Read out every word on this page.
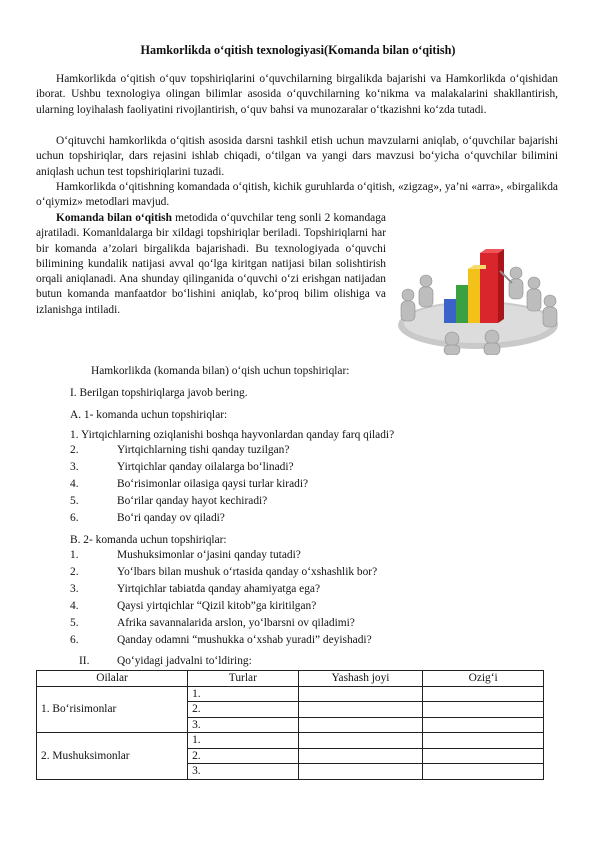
Hamkorlikda o‘qitish texnologiyasi(Komanda bilan o‘qitish)

Hamkorlikda o‘qitish o‘quv topshiriqlarini o‘quvchilarning birgalikda bajarishi va Hamkorlikda o‘qishidan iborat. Ushbu texnologiya olingan bilimlar asosida o‘quvchilarning ko‘nikma va malakalarini shakllantirish, ularning loyihalash faoliyatini rivojlantirish, o‘quv bahsi va munozaralar o‘tkazishni ko‘zda tutadi.

O‘qituvchi hamkorlikda o‘qitish asosida darsni tashkil etish uchun mavzularni aniqlab, o‘quvchilar bajarishi uchun topshiriqlar, dars rejasini ishlab chiqadi, o‘tilgan va yangi dars mavzusi bo‘yicha o‘quvchilar bilimini aniqlash uchun test topshiriqlarini tuzadi.

Hamkorlikda o‘qitishning komandada o‘qitish, kichik guruhlarda o‘qitish, «zigzag», ya’ni «arra», «birgalikda o‘qiymiz» metodlari mavjud.

Komanda bilan o‘qitish metodida o‘quvchilar teng sonli 2 komandaga ajratiladi. Komanldalarga bir xildagi topshiriqlar beriladi. Topshiriqlarni har bir komanda a’zolari birgalikda bajarishadi. Bu texnologiyada o‘quvchi bilimining kundalik natijasi avval qo‘lga kiritgan natijasi bilan solishtirish orqali aniqlanadi. Ana shunday qilinganida o‘quvchi o‘zi erishgan natijadan butun komanda manfaatdor bo‘lishini aniqlab, ko‘proq bilim olishiga va izlanishga intiladi.

Hamkorlikda (komanda bilan) o‘qish uchun topshiriqlar:
I. Berilgan topshiriqlarga javob bering.
A. 1- komanda uchun topshiriqlar:
1. Yirtqichlarning oziqlanishi boshqa hayvonlardan qanday farq qiladi?
2.	Yirtqichlarning tishi qanday tuzilgan?
3.	Yirtqichlar qanday oilalarga bo‘linadi?
4.	Bo‘risimonlar oilasiga qaysi turlar kiradi?
5.	Bo‘rilar qanday hayot kechiradi?
6.	Bo‘ri qanday ov qiladi?
B. 2- komanda uchun topshiriqlar:
1.	Mushuksimonlar o‘jasini qanday tutadi?
2.	Yo‘lbars bilan mushuk o‘rtasida qanday o‘xshashlik bor?
3.	Yirtqichlar tabiatda qanday ahamiyatga ega?
4.	Qaysi yirtqichlar “Qizil kitob”ga kiritilgan?
5.	Afrika savannalarida arslon, yo‘lbarsni ov qiladimi?
6.	Qanday odamni “mushukka o‘xshab yuradi” deyishadi?
II. Qo‘yidagi jadvalni to‘ldiring:
Oilalar	Turlar	Yashash joyi	Ozig‘i
1. Bo‘risimonlar	1.		
	2.		
	3.		
2. Mushuksimonlar	1.		
	2.		
	3.		
